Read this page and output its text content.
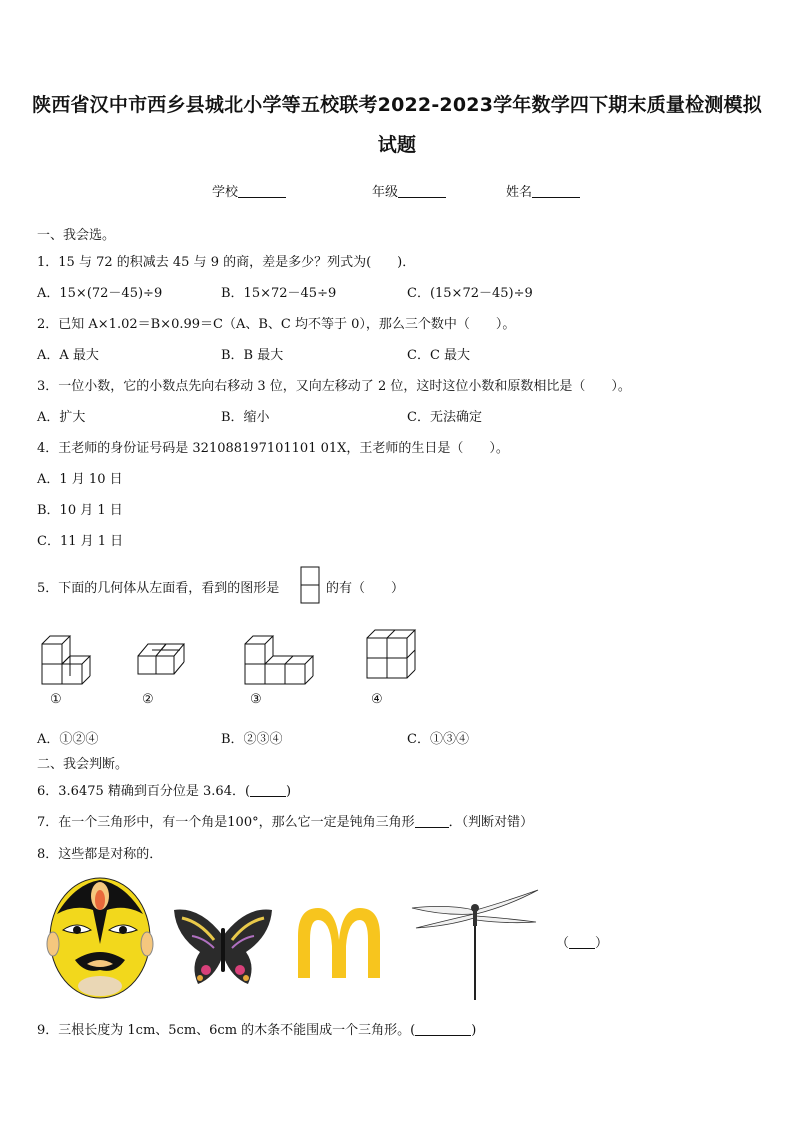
陕西省汉中市西乡县城北小学等五校联考2022-2023学年数学四下期末质量检测模拟
试题
学校	年级	姓名
一、我会选。
1．15 与 72 的积减去 45 与 9 的商，差是多少？列式为(　　)．
A．15×(72－45)÷9	B．15×72－45÷9	C．(15×72－45)÷9
2．已知 A×1.02＝B×0.99＝C（A、B、C 均不等于 0），那么三个数中（　　）。
A．A 最大	B．B 最大	C．C 最大
3．一位小数，它的小数点先向右移动 3 位，又向左移动了 2 位，这时这位小数和原数相比是（　　）。
A．扩大	B．缩小	C．无法确定
4．王老师的身份证号码是 321088197101101 01X，王老师的生日是（　　）。
A．1 月 10 日
B．10 月 1 日
C．11 月 1 日
5．下面的几何体从左面看，看到的图形是	的有（　　）
①	②	③	④
A．①②④	B．②③④	C．①③④
二、我会判断。
6．3.6475 精确到百分位是 3.64．(	)
7．在一个三角形中，有一个角是100°，那么它一定是钝角三角形	．（判断对错）
8．这些都是对称的．
（ ）
9．三根长度为 1cm、5cm、6cm 的木条不能围成一个三角形。(	)
